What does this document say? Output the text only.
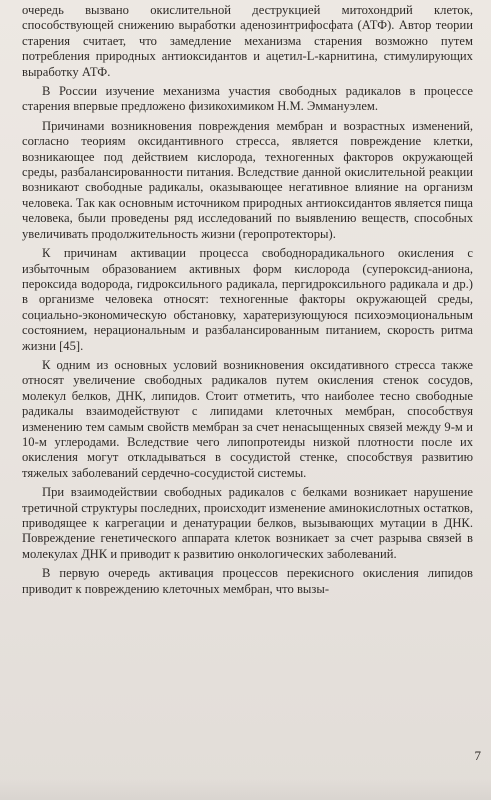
очередь вызвано окислительной деструкцией митохондрий клеток, способствующей снижению выработки аденозинтрифосфата (АТФ). Автор теории старения считает, что замедление механизма старения возможно путем потребления природных антиоксидантов и ацетил-L-карнитина, стимулирующих выработку АТФ.

В России изучение механизма участия свободных радикалов в процессе старения впервые предложено физикохимиком Н.М. Эммануэлем.

Причинами возникновения повреждения мембран и возрастных изменений, согласно теориям оксидантивного стресса, является повреждение клетки, возникающее под действием кислорода, техногенных факторов окружающей среды, разбалансированности питания. Вследствие данной окислительной реакции возникают свободные радикалы, оказывающее негативное влияние на организм человека. Так как основным источником природных антиоксидантов является пища человека, были проведены ряд исследований по выявлению веществ, способных увеличивать продолжительность жизни (геропротекторы).

К причинам активации процесса свободнорадикального окисления с избыточным образованием активных форм кислорода (супероксид-аниона, пероксида водорода, гидроксильного радикала, пергидроксильного радикала и др.) в организме человека относят: техногенные факторы окружающей среды, социально-экономическую обстановку, харатеризующуюся психоэмоциональным состоянием, нерациональным и разбалансированным питанием, скорость ритма жизни [45].

К одним из основных условий возникновения оксидативного стресса также относят увеличение свободных радикалов путем окисления стенок сосудов, молекул белков, ДНК, липидов. Стоит отметить, что наиболее тесно свободные радикалы взаимодействуют с липидами клеточных мембран, способствуя изменению тем самым свойств мембран за счет ненасыщенных связей между 9-м и 10-м углеродами. Вследствие чего липопротеиды низкой плотности после их окисления могут откладываться в сосудистой стенке, способствуя развитию тяжелых заболеваний сердечно-сосудистой системы.

При взаимодействии свободных радикалов с белками возникает нарушение третичной структуры последних, происходит изменение аминокислотных остатков, приводящее к кагрегации и денатурации белков, вызывающих мутации в ДНК. Повреждение генетического аппарата клеток возникает за счет разрыва связей в молекулах ДНК и приводит к развитию онкологических заболеваний.

В первую очередь активация процессов перекисного окисления липидов приводит к повреждению клеточных мембран, что вызы-

7
